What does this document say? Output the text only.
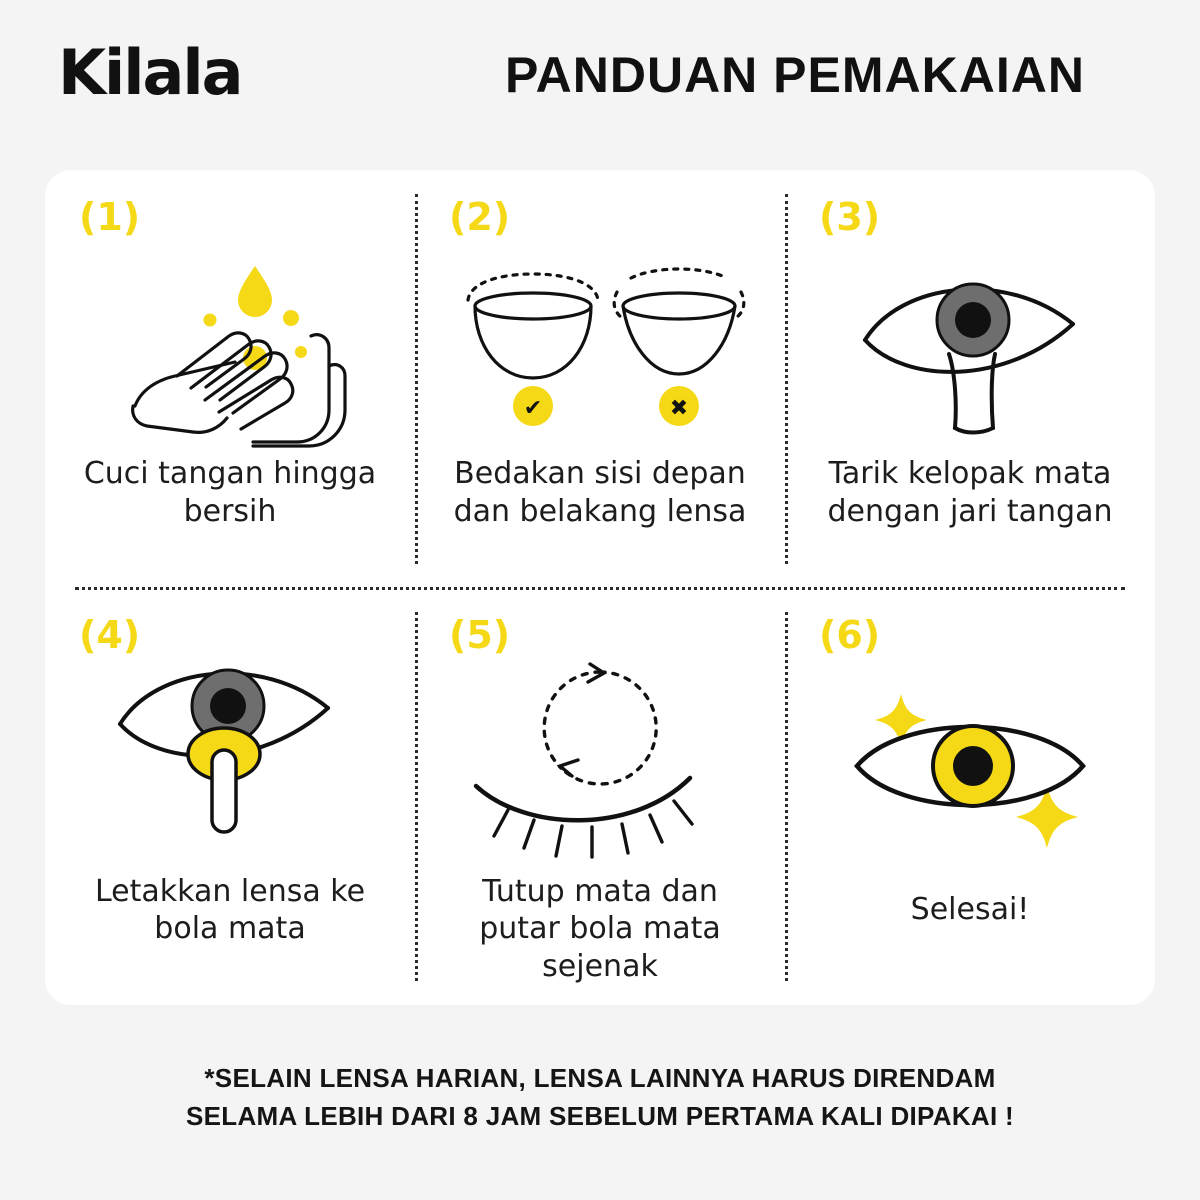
Kilala	PANDUAN PEMAKAIAN
(1)
Cuci tangan hingga bersih
(2)
✔	✖
Bedakan sisi depan dan belakang lensa
(3)
Tarik kelopak mata dengan jari tangan
(4)
Letakkan lensa ke bola mata
(5)
Tutup mata dan putar bola mata sejenak
(6)
Selesai!
*SELAIN LENSA HARIAN, LENSA LAINNYA HARUS DIRENDAM
SELAMA LEBIH DARI 8 JAM SEBELUM PERTAMA KALI DIPAKAI !
